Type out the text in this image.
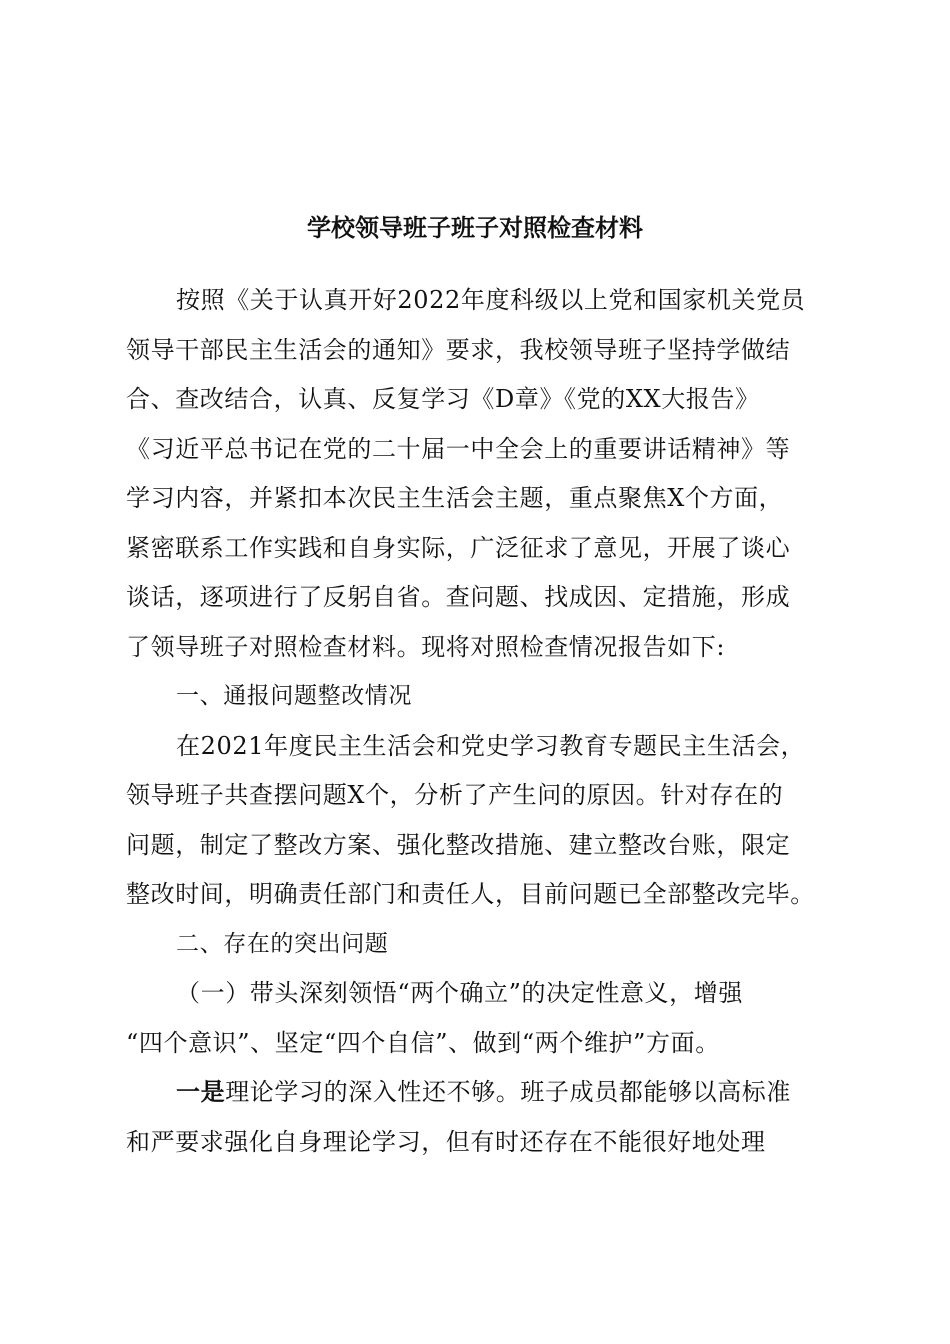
学校领导班子班子对照检查材料
按照《关于认真开好2022年度科级以上党和国家机关党员
领导干部民主生活会的通知》要求，我校领导班子坚持学做结
合、查改结合，认真、反复学习《D章》《党的XX大报告》
《习近平总书记在党的二十届一中全会上的重要讲话精神》等
学习内容，并紧扣本次民主生活会主题，重点聚焦X个方面，
紧密联系工作实践和自身实际，广泛征求了意见，开展了谈心
谈话，逐项进行了反躬自省。查问题、找成因、定措施，形成
了领导班子对照检查材料。现将对照检查情况报告如下:
一、通报问题整改情况
在2021年度民主生活会和党史学习教育专题民主生活会，
领导班子共查摆问题X个，分析了产生问的原因。针对存在的
问题，制定了整改方案、强化整改措施、建立整改台账，限定
整改时间，明确责任部门和责任人，目前问题已全部整改完毕。
二、存在的突出问题
（一）带头深刻领悟“两个确立”的决定性意义，增强
“四个意识”、坚定“四个自信”、做到“两个维护”方面。
一是理论学习的深入性还不够。班子成员都能够以高标准
和严要求强化自身理论学习，但有时还存在不能很好地处理
